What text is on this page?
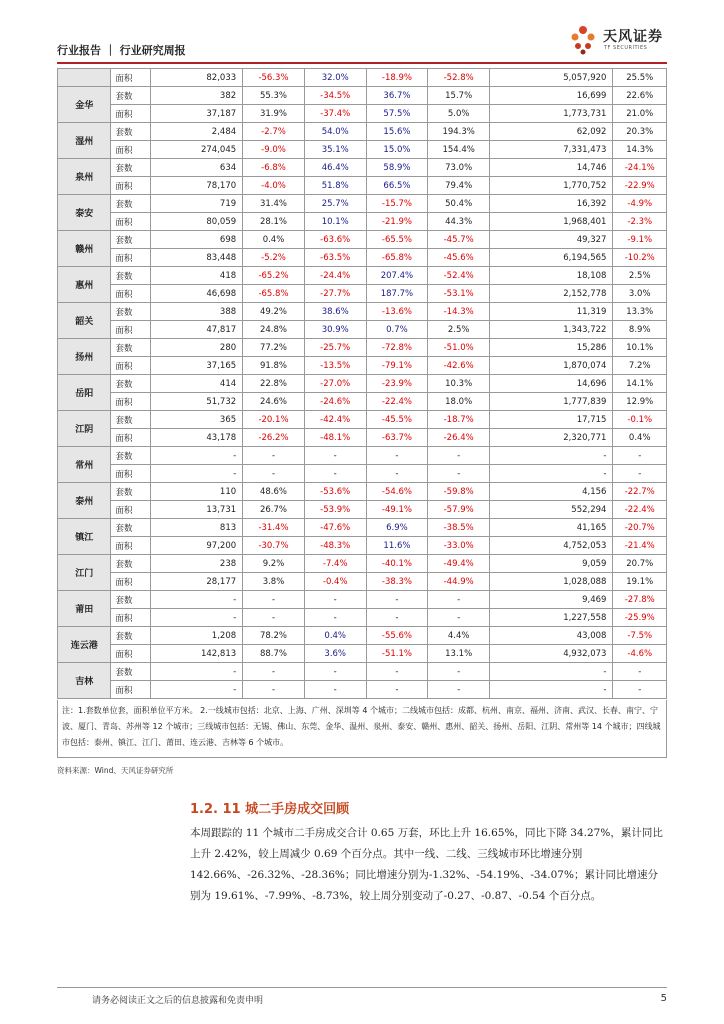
行业报告 ｜ 行业研究周报
天风证券
TF SECURITIES
	面积	82,033	-56.3%	32.0%	-18.9%	-52.8%	5,057,920	25.5%
金华	套数	382	55.3%	-34.5%	36.7%	15.7%	16,699	22.6%
	面积	37,187	31.9%	-37.4%	57.5%	5.0%	1,773,731	21.0%
湿州	套数	2,484	-2.7%	54.0%	15.6%	194.3%	62,092	20.3%
	面积	274,045	-9.0%	35.1%	15.0%	154.4%	7,331,473	14.3%
泉州	套数	634	-6.8%	46.4%	58.9%	73.0%	14,746	-24.1%
	面积	78,170	-4.0%	51.8%	66.5%	79.4%	1,770,752	-22.9%
泰安	套数	719	31.4%	25.7%	-15.7%	50.4%	16,392	-4.9%
	面积	80,059	28.1%	10.1%	-21.9%	44.3%	1,968,401	-2.3%
赣州	套数	698	0.4%	-63.6%	-65.5%	-45.7%	49,327	-9.1%
	面积	83,448	-5.2%	-63.5%	-65.8%	-45.6%	6,194,565	-10.2%
惠州	套数	418	-65.2%	-24.4%	207.4%	-52.4%	18,108	2.5%
	面积	46,698	-65.8%	-27.7%	187.7%	-53.1%	2,152,778	3.0%
韶关	套数	388	49.2%	38.6%	-13.6%	-14.3%	11,319	13.3%
	面积	47,817	24.8%	30.9%	0.7%	2.5%	1,343,722	8.9%
扬州	套数	280	77.2%	-25.7%	-72.8%	-51.0%	15,286	10.1%
	面积	37,165	91.8%	-13.5%	-79.1%	-42.6%	1,870,074	7.2%
岳阳	套数	414	22.8%	-27.0%	-23.9%	10.3%	14,696	14.1%
	面积	51,732	24.6%	-24.6%	-22.4%	18.0%	1,777,839	12.9%
江阴	套数	365	-20.1%	-42.4%	-45.5%	-18.7%	17,715	-0.1%
	面积	43,178	-26.2%	-48.1%	-63.7%	-26.4%	2,320,771	0.4%
常州	套数	-	-	-	-	-	-	-
	面积	-	-	-	-	-	-	-
泰州	套数	110	48.6%	-53.6%	-54.6%	-59.8%	4,156	-22.7%
	面积	13,731	26.7%	-53.9%	-49.1%	-57.9%	552,294	-22.4%
镇江	套数	813	-31.4%	-47.6%	6.9%	-38.5%	41,165	-20.7%
	面积	97,200	-30.7%	-48.3%	11.6%	-33.0%	4,752,053	-21.4%
江门	套数	238	9.2%	-7.4%	-40.1%	-49.4%	9,059	20.7%
	面积	28,177	3.8%	-0.4%	-38.3%	-44.9%	1,028,088	19.1%
莆田	套数	-	-	-	-	-	9,469	-27.8%
	面积	-	-	-	-	-	1,227,558	-25.9%
连云港	套数	1,208	78.2%	0.4%	-55.6%	4.4%	43,008	-7.5%
	面积	142,813	88.7%	3.6%	-51.1%	13.1%	4,932,073	-4.6%
吉林	套数	-	-	-	-	-	-	-
	面积	-	-	-	-	-	-	-
注：1.套数单位套，面积单位平方米。 2.一线城市包括：北京、上海、广州、深圳等 4 个城市；二线城市包括：成都、杭州、南京、福州、济南、武汉、长春、南宁、宁波、厦门、青岛、苏州等 12 个城市；三线城市包括：无锡、佛山、东莞、金华、温州、泉州、泰安、赣州、惠州、韶关、扬州、岳阳、江阴、常州等 14 个城市；四线城市包括：泰州、镇江、江门、莆田、连云港、吉林等 6 个城市。
资料来源：Wind、天风证券研究所
1.2. 11 城二手房成交回顾
本周跟踪的 11 个城市二手房成交合计 0.65 万套，环比上升 16.65%，同比下降 34.27%，累计同比上升 2.42%，较上周减少 0.69 个百分点。其中一线、二线、三线城市环比增速分别 142.66%、-26.32%、-28.36%；同比增速分别为-1.32%、-54.19%、-34.07%；累计同比增速分别为 19.61%、-7.99%、-8.73%，较上周分别变动了-0.27、-0.87、-0.54 个百分点。
请务必阅读正文之后的信息披露和免责申明	5
